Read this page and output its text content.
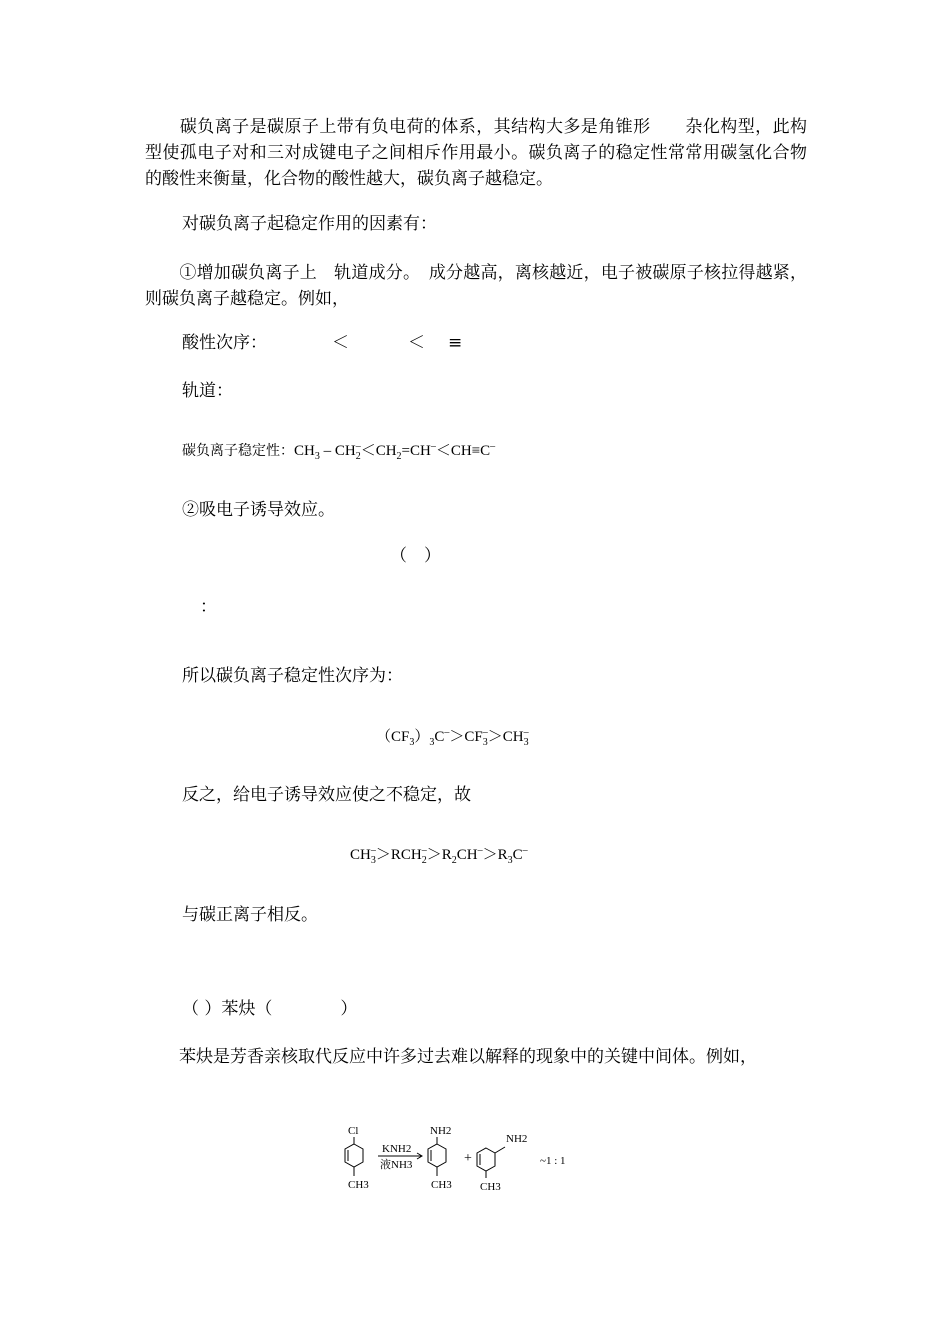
　　碳负离子是碳原子上带有负电荷的体系，其结构大多是角锥形　　杂化构型，此构型使孤电子对和三对成键电子之间相斥作用最小。碳负离子的稳定性常常用碳氢化合物的酸性来衡量，化合物的酸性越大，碳负离子越稳定。
对碳负离子起稳定作用的因素有：
　　①增加碳负离子上　轨道成分。　成分越高，离核越近，电子被碳原子核拉得越紧，则碳负离子越稳定。例如，
酸性次序：	＜	＜ ≡
轨道：
碳负离子稳定性：$CH_3 - CH^-_2<CH_2=CH^-<CH\equiv C^-$
②吸电子诱导效应。
（　）
：
所以碳负离子稳定性次序为：
$(CF_3)_3C^->CF^-_3>CH^-_3$
反之，给电子诱导效应使之不稳定，故
$CH^-_3>RCH^-_2>R_2CH^->R_3C^-$
与碳正离子相反。
（ ）苯炔（　　　　）
　　苯炔是芳香亲核取代反应中许多过去难以解释的现象中的关键中间体。例如，
Cl
CH3
KNH2
液NH3
NH2
CH3
+
NH2
CH3
~1 : 1
